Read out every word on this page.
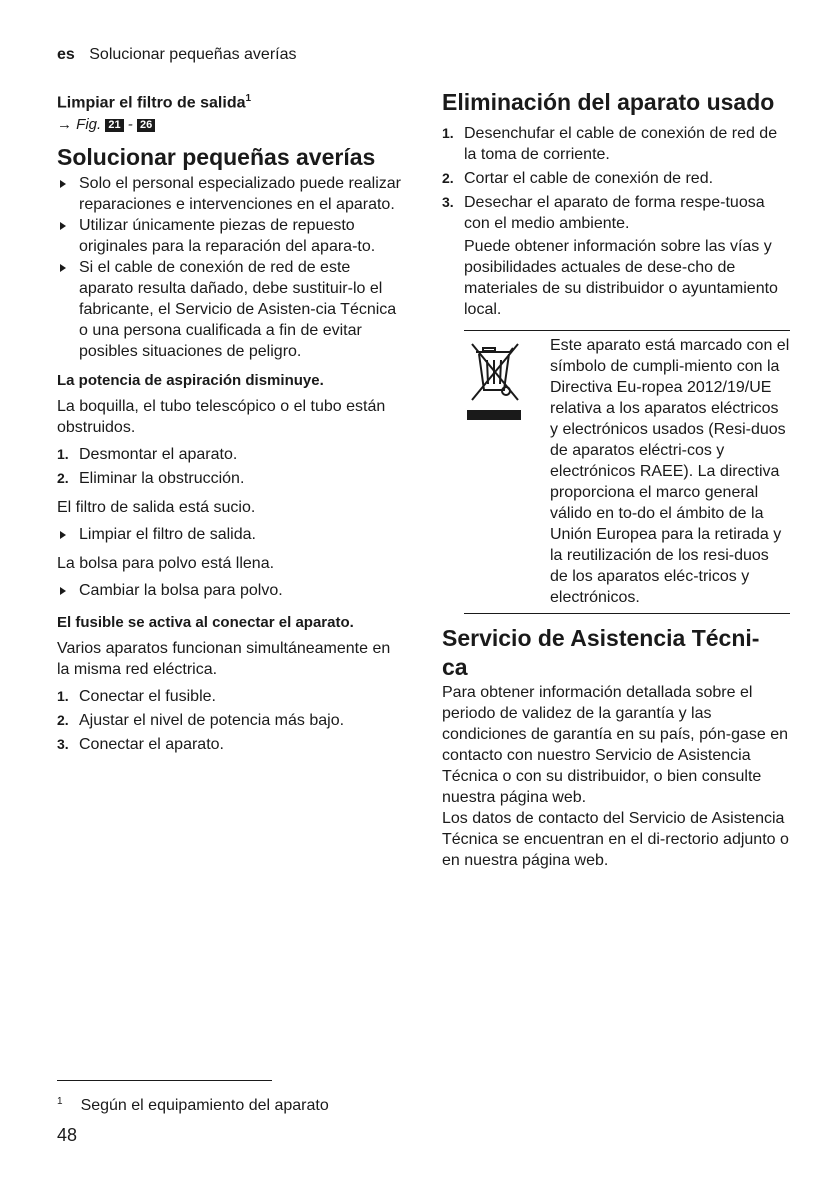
es Solucionar pequeñas averías
Limpiar el filtro de salida$^1$
→ Fig. 21 - 26
Solucionar pequeñas averías
Solo el personal especializado puede realizar reparaciones e intervenciones en el aparato.
Utilizar únicamente piezas de repuesto originales para la reparación del apara-to.
Si el cable de conexión de red de este aparato resulta dañado, debe sustituir-lo el fabricante, el Servicio de Asisten-cia Técnica o una persona cualificada a fin de evitar posibles situaciones de peligro.
La potencia de aspiración disminuye.

La boquilla, el tubo telescópico o el tubo están obstruidos.

1. Desmontar el aparato.
2. Eliminar la obstrucción.

El filtro de salida está sucio.

Limpiar el filtro de salida.

La bolsa para polvo está llena.

Cambiar la bolsa para polvo.
El fusible se activa al conectar el aparato.

Varios aparatos funcionan simultáneamente en la misma red eléctrica.

1. Conectar el fusible.
2. Ajustar el nivel de potencia más bajo.
3. Conectar el aparato.
Eliminación del aparato usado
1. Desenchufar el cable de conexión de red de la toma de corriente.
2. Cortar el cable de conexión de red.
3. Desechar el aparato de forma respe-tuosa con el medio ambiente.

Puede obtener información sobre las vías y posibilidades actuales de dese-cho de materiales de su distribuidor o ayuntamiento local.

Este aparato está marcado con el símbolo de cumpli-miento con la Directiva Eu-ropea 2012/19/UE relativa a los aparatos eléctricos y electrónicos usados (Resi-duos de aparatos eléctri-cos y electrónicos RAEE). La directiva proporciona el marco general válido en to-do el ámbito de la Unión Europea para la retirada y la reutilización de los resi-duos de los aparatos eléc-tricos y electrónicos.

Servicio de Asistencia Técni-
ca

Para obtener información detallada sobre el periodo de validez de la garantía y las condiciones de garantía en su país, pón-gase en contacto con nuestro Servicio de Asistencia Técnica o con su distribuidor, o bien consulte nuestra página web.

Los datos de contacto del Servicio de Asistencia Técnica se encuentran en el di-rectorio adjunto o en nuestra página web.

$^1$ Según el equipamiento del aparato
48
